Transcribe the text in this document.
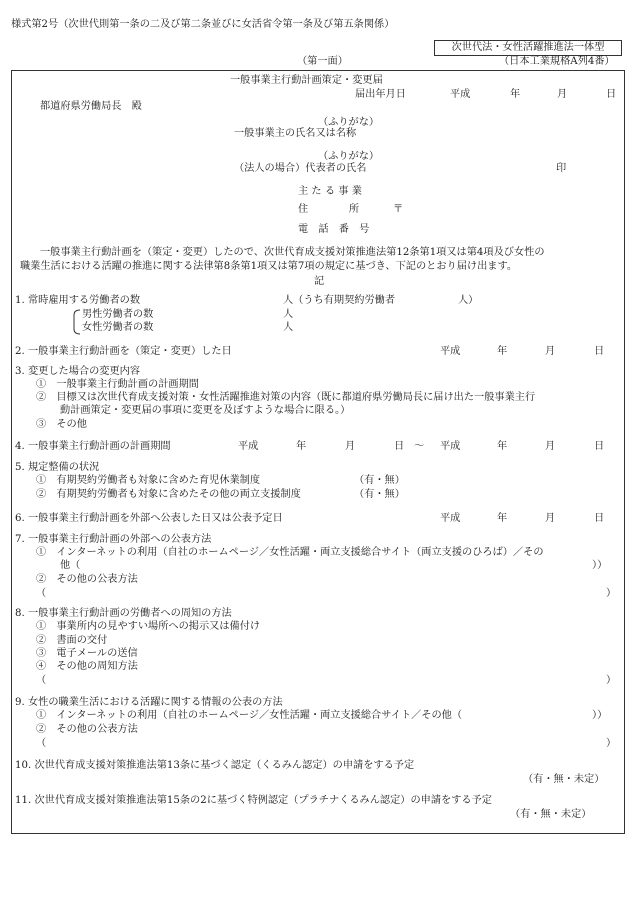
様式第2号（次世代則第一条の二及び第二条並びに女活省令第一条及び第五条関係）
次世代法・女性活躍推進法一体型
（第一面）	（日本工業規格A列4番）
一般事業主行動計画策定・変更届
届出年月日	平成	年	月	日
都道府県労働局長　殿
（ふりがな）
一般事業主の氏名又は名称
（ふりがな）
（法人の場合）代表者の氏名	印
主 た る 事 業
住　　　　所	〒
電　話　番　号
一般事業主行動計画を（策定・変更）したので、次世代育成支援対策推進法第12条第1項又は第4項及び女性の
職業生活における活躍の推進に関する法律第8条第1項又は第7項の規定に基づき、下記のとおり届け出ます。
記
1. 常時雇用する労働者の数	人（うち有期契約労働者	人）
男性労働者の数	人
女性労働者の数	人
2. 一般事業主行動計画を（策定・変更）した日	平成	年	月	日
3. 変更した場合の変更内容
①　一般事業主行動計画の計画期間
②　目標又は次世代育成支援対策・女性活躍推進対策の内容（既に都道府県労働局長に届け出た一般事業主行
動計画策定・変更届の事項に変更を及ぼすような場合に限る。）
③　その他
4. 一般事業主行動計画の計画期間	平成	年	月	日 〜 平成	年	月	日
5. 規定整備の状況
①　有期契約労働者も対象に含めた育児休業制度	（有・無）
②　有期契約労働者も対象に含めたその他の両立支援制度	（有・無）
6. 一般事業主行動計画を外部へ公表した日又は公表予定日	平成	年	月	日
7. 一般事業主行動計画の外部への公表方法
①　インターネットの利用（自社のホームページ／女性活躍・両立支援総合サイト（両立支援のひろば）／その
他（	））
②　その他の公表方法
（	）
8. 一般事業主行動計画の労働者への周知の方法
①　事業所内の見やすい場所への掲示又は備付け
②　書面の交付
③　電子メールの送信
④　その他の周知方法
（	）
9. 女性の職業生活における活躍に関する情報の公表の方法
①　インターネットの利用（自社のホームページ／女性活躍・両立支援総合サイト／その他（	））
②　その他の公表方法
（	）
10. 次世代育成支援対策推進法第13条に基づく認定（くるみん認定）の申請をする予定
（有・無・未定）
11. 次世代育成支援対策推進法第15条の2に基づく特例認定（プラチナくるみん認定）の申請をする予定
（有・無・未定）
